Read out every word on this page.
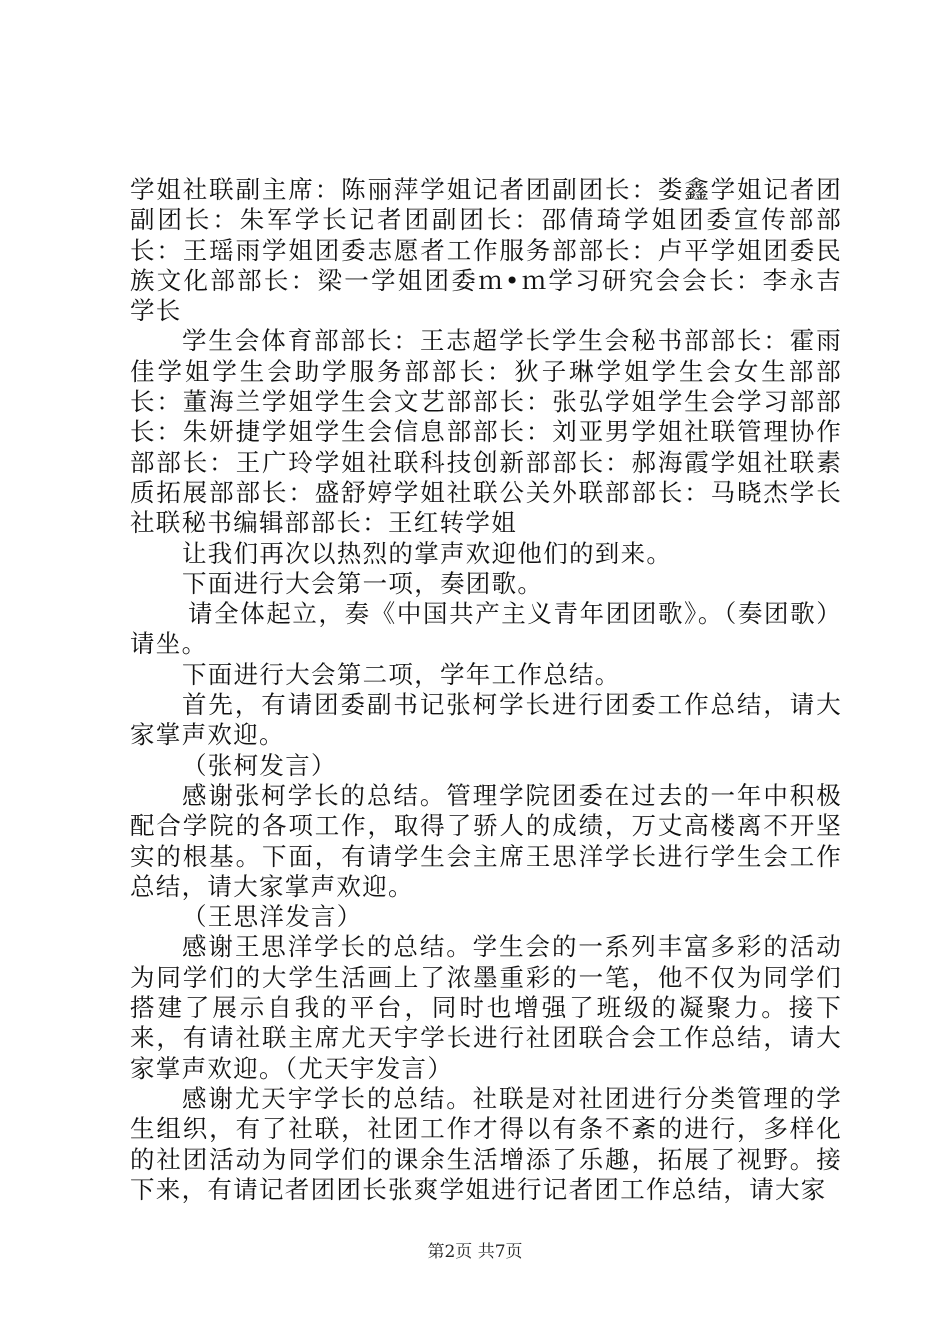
学姐社联副主席：陈丽萍学姐记者团副团长：娄鑫学姐记者团副团长：朱军学长记者团副团长：邵倩琦学姐团委宣传部部长：王瑶雨学姐团委志愿者工作服务部部长：卢平学姐团委民族文化部部长：梁一学姐团委ｍ•ｍ学习研究会会长：李永吉学长

学生会体育部部长：王志超学长学生会秘书部部长：霍雨佳学姐学生会助学服务部部长：狄子琳学姐学生会女生部部长：董海兰学姐学生会文艺部部长：张弘学姐学生会学习部部长：朱妍捷学姐学生会信息部部长：刘亚男学姐社联管理协作部部长：王广玲学姐社联科技创新部部长：郝海霞学姐社联素质拓展部部长：盛舒婷学姐社联公关外联部部长：马晓杰学长社联秘书编辑部部长：王红转学姐

让我们再次以热烈的掌声欢迎他们的到来。

下面进行大会第一项，奏团歌。

请全体起立，奏《中国共产主义青年团团歌》。（奏团歌）请坐。

下面进行大会第二项，学年工作总结。

首先，有请团委副书记张柯学长进行团委工作总结，请大家掌声欢迎。

（张柯发言）

感谢张柯学长的总结。管理学院团委在过去的一年中积极配合学院的各项工作，取得了骄人的成绩，万丈高楼离不开坚实的根基。下面，有请学生会主席王思洋学长进行学生会工作总结，请大家掌声欢迎。

（王思洋发言）

感谢王思洋学长的总结。学生会的一系列丰富多彩的活动为同学们的大学生活画上了浓墨重彩的一笔，他不仅为同学们搭建了展示自我的平台，同时也增强了班级的凝聚力。接下来，有请社联主席尤天宇学长进行社团联合会工作总结，请大家掌声欢迎。（尤天宇发言）

感谢尤天宇学长的总结。社联是对社团进行分类管理的学生组织，有了社联，社团工作才得以有条不紊的进行，多样化的社团活动为同学们的课余生活增添了乐趣，拓展了视野。接下来，有请记者团团长张爽学姐进行记者团工作总结，请大家

第2页 共7页
